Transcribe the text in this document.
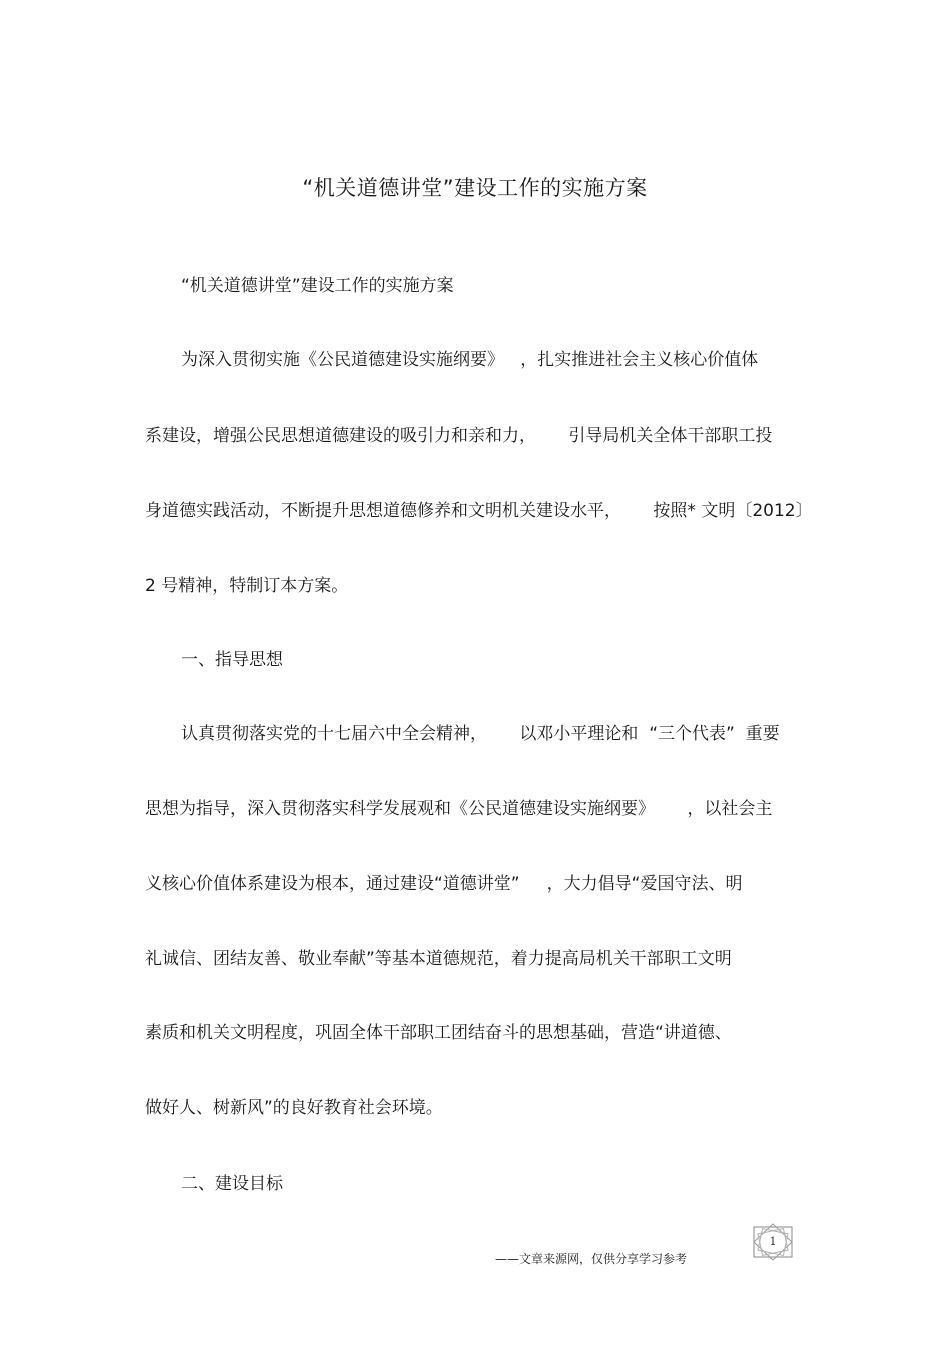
“机关道德讲堂”建设工作的实施方案
“机关道德讲堂”建设工作的实施方案
为深入贯彻实施《公民道德建设实施纲要》   ，扎实推进社会主义核心价值体
系建设，增强公民思想道德建设的吸引力和亲和力，      引导局机关全体干部职工投
身道德实践活动，不断提升思想道德修养和文明机关建设水平，      按照* 文明〔2012〕
2 号精神，特制订本方案。
一、指导思想
认真贯彻落实党的十七届六中全会精神，      以邓小平理论和  “三个代表”  重要
思想为指导，深入贯彻落实科学发展观和《公民道德建设实施纲要》      ，以社会主
义核心价值体系建设为根本，通过建设“道德讲堂”     ，大力倡导“爱国守法、明
礼诚信、团结友善、敬业奉献”等基本道德规范，着力提高局机关干部职工文明
素质和机关文明程度，巩固全体干部职工团结奋斗的思想基础，营造“讲道德、
做好人、树新风”的良好教育社会环境。
二、建设目标
1
——文章来源网，仅供分享学习参考
